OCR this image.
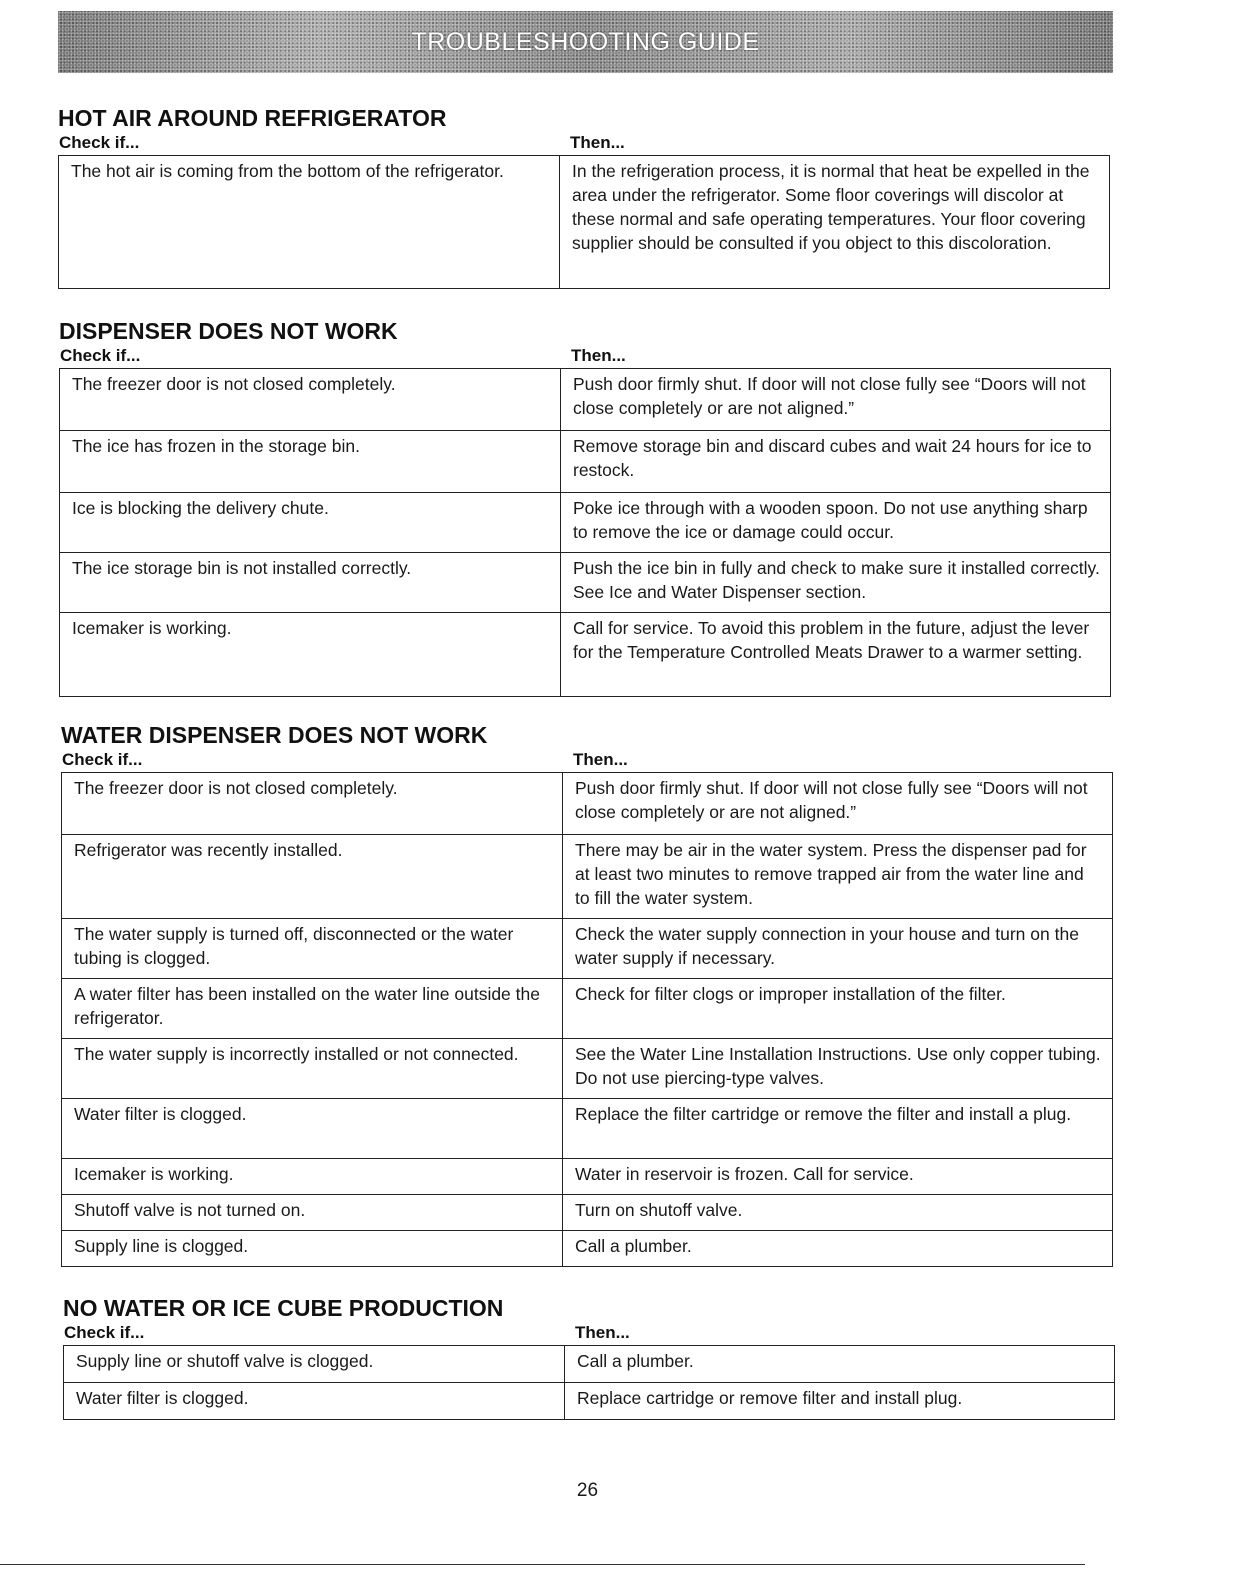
TROUBLESHOOTING GUIDE
HOT AIR AROUND REFRIGERATOR
Check if...	Then...
The hot air is coming from the bottom of the refrigerator.	In the refrigeration process, it is normal that heat be expelled in the area under the refrigerator. Some floor coverings will discolor at these normal and safe operating temperatures. Your floor covering supplier should be consulted if you object to this discoloration.
DISPENSER DOES NOT WORK
Check if...	Then...
The freezer door is not closed completely.	Push door firmly shut. If door will not close fully see “Doors will not close completely or are not aligned.”
The ice has frozen in the storage bin.	Remove storage bin and discard cubes and wait 24 hours for ice to restock.
Ice is blocking the delivery chute.	Poke ice through with a wooden spoon. Do not use anything sharp to remove the ice or damage could occur.
The ice storage bin is not installed correctly.	Push the ice bin in fully and check to make sure it installed correctly. See Ice and Water Dispenser section.
Icemaker is working.	Call for service. To avoid this problem in the future, adjust the lever for the Temperature Controlled Meats Drawer to a warmer setting.
WATER DISPENSER DOES NOT WORK
Check if...	Then...
The freezer door is not closed completely.	Push door firmly shut. If door will not close fully see “Doors will not close completely or are not aligned.”
Refrigerator was recently installed.	There may be air in the water system. Press the dispenser pad for at least two minutes to remove trapped air from the water line and to fill the water system.
The water supply is turned off, disconnected or the water tubing is clogged.	Check the water supply connection in your house and turn on the water supply if necessary.
A water filter has been installed on the water line outside the refrigerator.	Check for filter clogs or improper installation of the filter.
The water supply is incorrectly installed or not connected.	See the Water Line Installation Instructions. Use only copper tubing. Do not use piercing-type valves.
Water filter is clogged.	Replace the filter cartridge or remove the filter and install a plug.
Icemaker is working.	Water in reservoir is frozen. Call for service.
Shutoff valve is not turned on.	Turn on shutoff valve.
Supply line is clogged.	Call a plumber.
NO WATER OR ICE CUBE PRODUCTION
Check if...	Then...
Supply line or shutoff valve is clogged.	Call a plumber.
Water filter is clogged.	Replace cartridge or remove filter and install plug.
26
